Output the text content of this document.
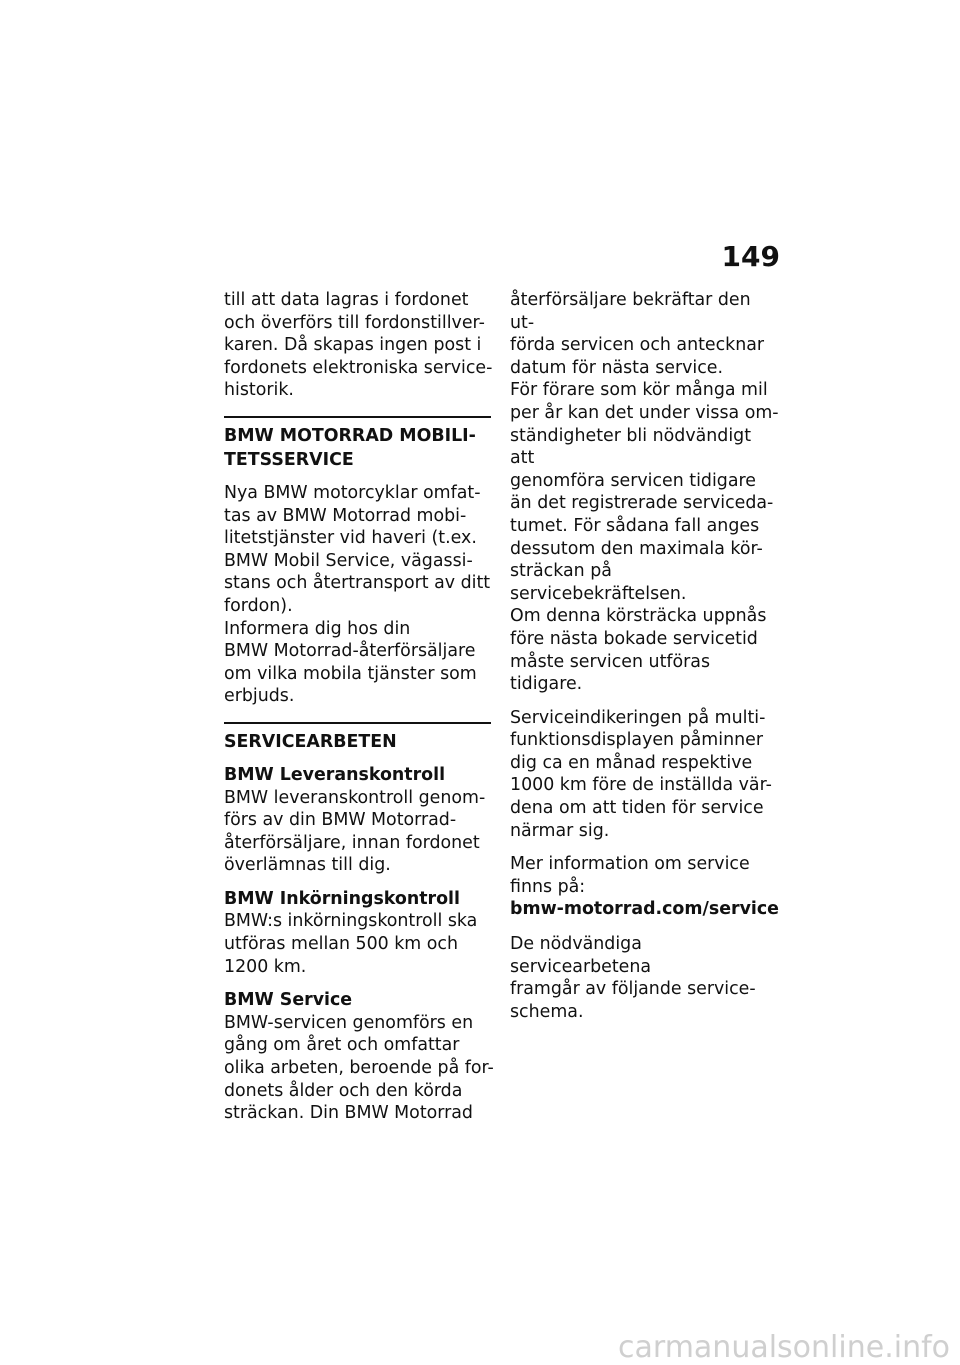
149

till att data lagras i fordonet
och överförs till fordonstillver-
karen. Då skapas ingen post i
fordonets elektroniska service-
historik.

BMW MOTORRAD MOBILI-
TETSSERVICE

Nya BMW motorcyklar omfat-
tas av BMW Motorrad mobi-
litetstjänster vid haveri (t.ex.
BMW Mobil Service, vägassi-
stans och återtransport av ditt
fordon).

Informera dig hos din
BMW Motorrad-återförsäljare
om vilka mobila tjänster som
erbjuds.

SERVICEARBETEN
BMW Leveranskontroll

BMW leveranskontroll genom-
förs av din BMW Motorrad-
återförsäljare, innan fordonet
överlämnas till dig.

BMW Inkörningskontroll

BMW:s inkörningskontroll ska
utföras mellan 500 km och
1200 km.

BMW Service

BMW-servicen genomförs en
gång om året och omfattar
olika arbeten, beroende på for-
donets ålder och den körda
sträckan. Din BMW Motorrad

återförsäljare bekräftar den ut-
förda servicen och antecknar
datum för nästa service.

För förare som kör många mil
per år kan det under vissa om-
ständigheter bli nödvändigt att
genomföra servicen tidigare
än det registrerade serviceda-
tumet. För sådana fall anges
dessutom den maximala kör-
sträckan på servicebekräftelsen.
Om denna körsträcka uppnås
före nästa bokade servicetid
måste servicen utföras tidigare.

Serviceindikeringen på multi-
funktionsdisplayen påminner
dig ca en månad respektive
1000 km före de inställda vär-
dena om att tiden för service
närmar sig.

Mer information om service
finns på:

bmw-motorrad.com/service

De nödvändiga servicearbetena
framgår av följande service-
schema.

carmanualsonline.info
